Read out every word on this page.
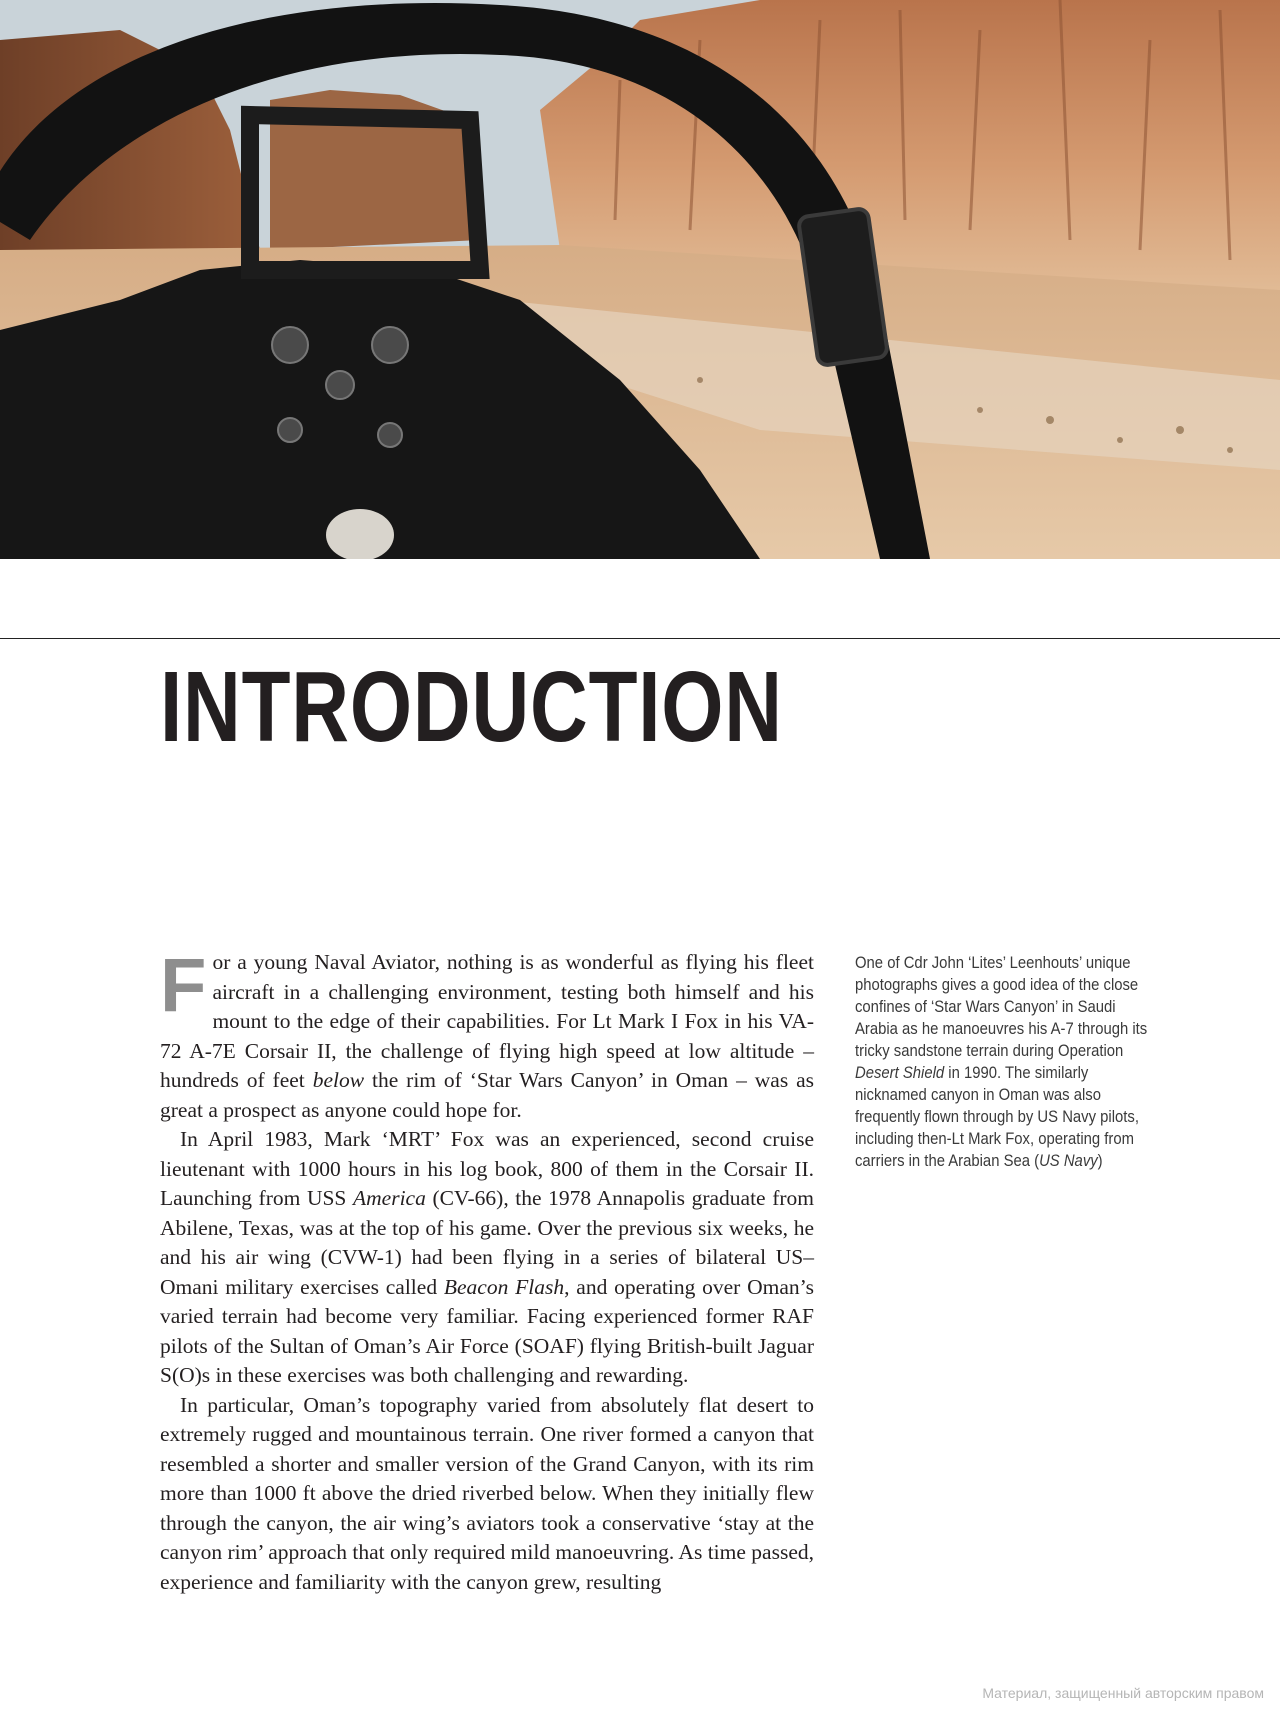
INTRODUCTION

For a young Naval Aviator, nothing is as wonderful as flying his fleet aircraft in a challenging environment, testing both himself and his mount to the edge of their capabilities. For Lt Mark I Fox in his VA-72 A-7E Corsair II, the challenge of flying high speed at low altitude – hundreds of feet below the rim of ‘Star Wars Canyon’ in Oman – was as great a prospect as anyone could hope for.

In April 1983, Mark ‘MRT’ Fox was an experienced, second cruise lieutenant with 1000 hours in his log book, 800 of them in the Corsair II. Launching from USS America (CV-66), the 1978 Annapolis graduate from Abilene, Texas, was at the top of his game. Over the previous six weeks, he and his air wing (CVW-1) had been flying in a series of bilateral US–Omani military exercises called Beacon Flash, and operating over Oman’s varied terrain had become very familiar. Facing experienced former RAF pilots of the Sultan of Oman’s Air Force (SOAF) flying British-built Jaguar S(O)s in these exercises was both challenging and rewarding.

In particular, Oman’s topography varied from absolutely flat desert to extremely rugged and mountainous terrain. One river formed a canyon that resembled a shorter and smaller version of the Grand Canyon, with its rim more than 1000 ft above the dried riverbed below. When they initially flew through the canyon, the air wing’s aviators took a conservative ‘stay at the canyon rim’ approach that only required mild manoeuvring. As time passed, experience and familiarity with the canyon grew, resulting

One of Cdr John ‘Lites’ Leenhouts’ unique photographs gives a good idea of the close confines of ‘Star Wars Canyon’ in Saudi Arabia as he manoeuvres his A-7 through its tricky sandstone terrain during Operation Desert Shield in 1990. The similarly nicknamed canyon in Oman was also frequently flown through by US Navy pilots, including then-Lt Mark Fox, operating from carriers in the Arabian Sea (US Navy)

Материал, защищенный авторским правом
